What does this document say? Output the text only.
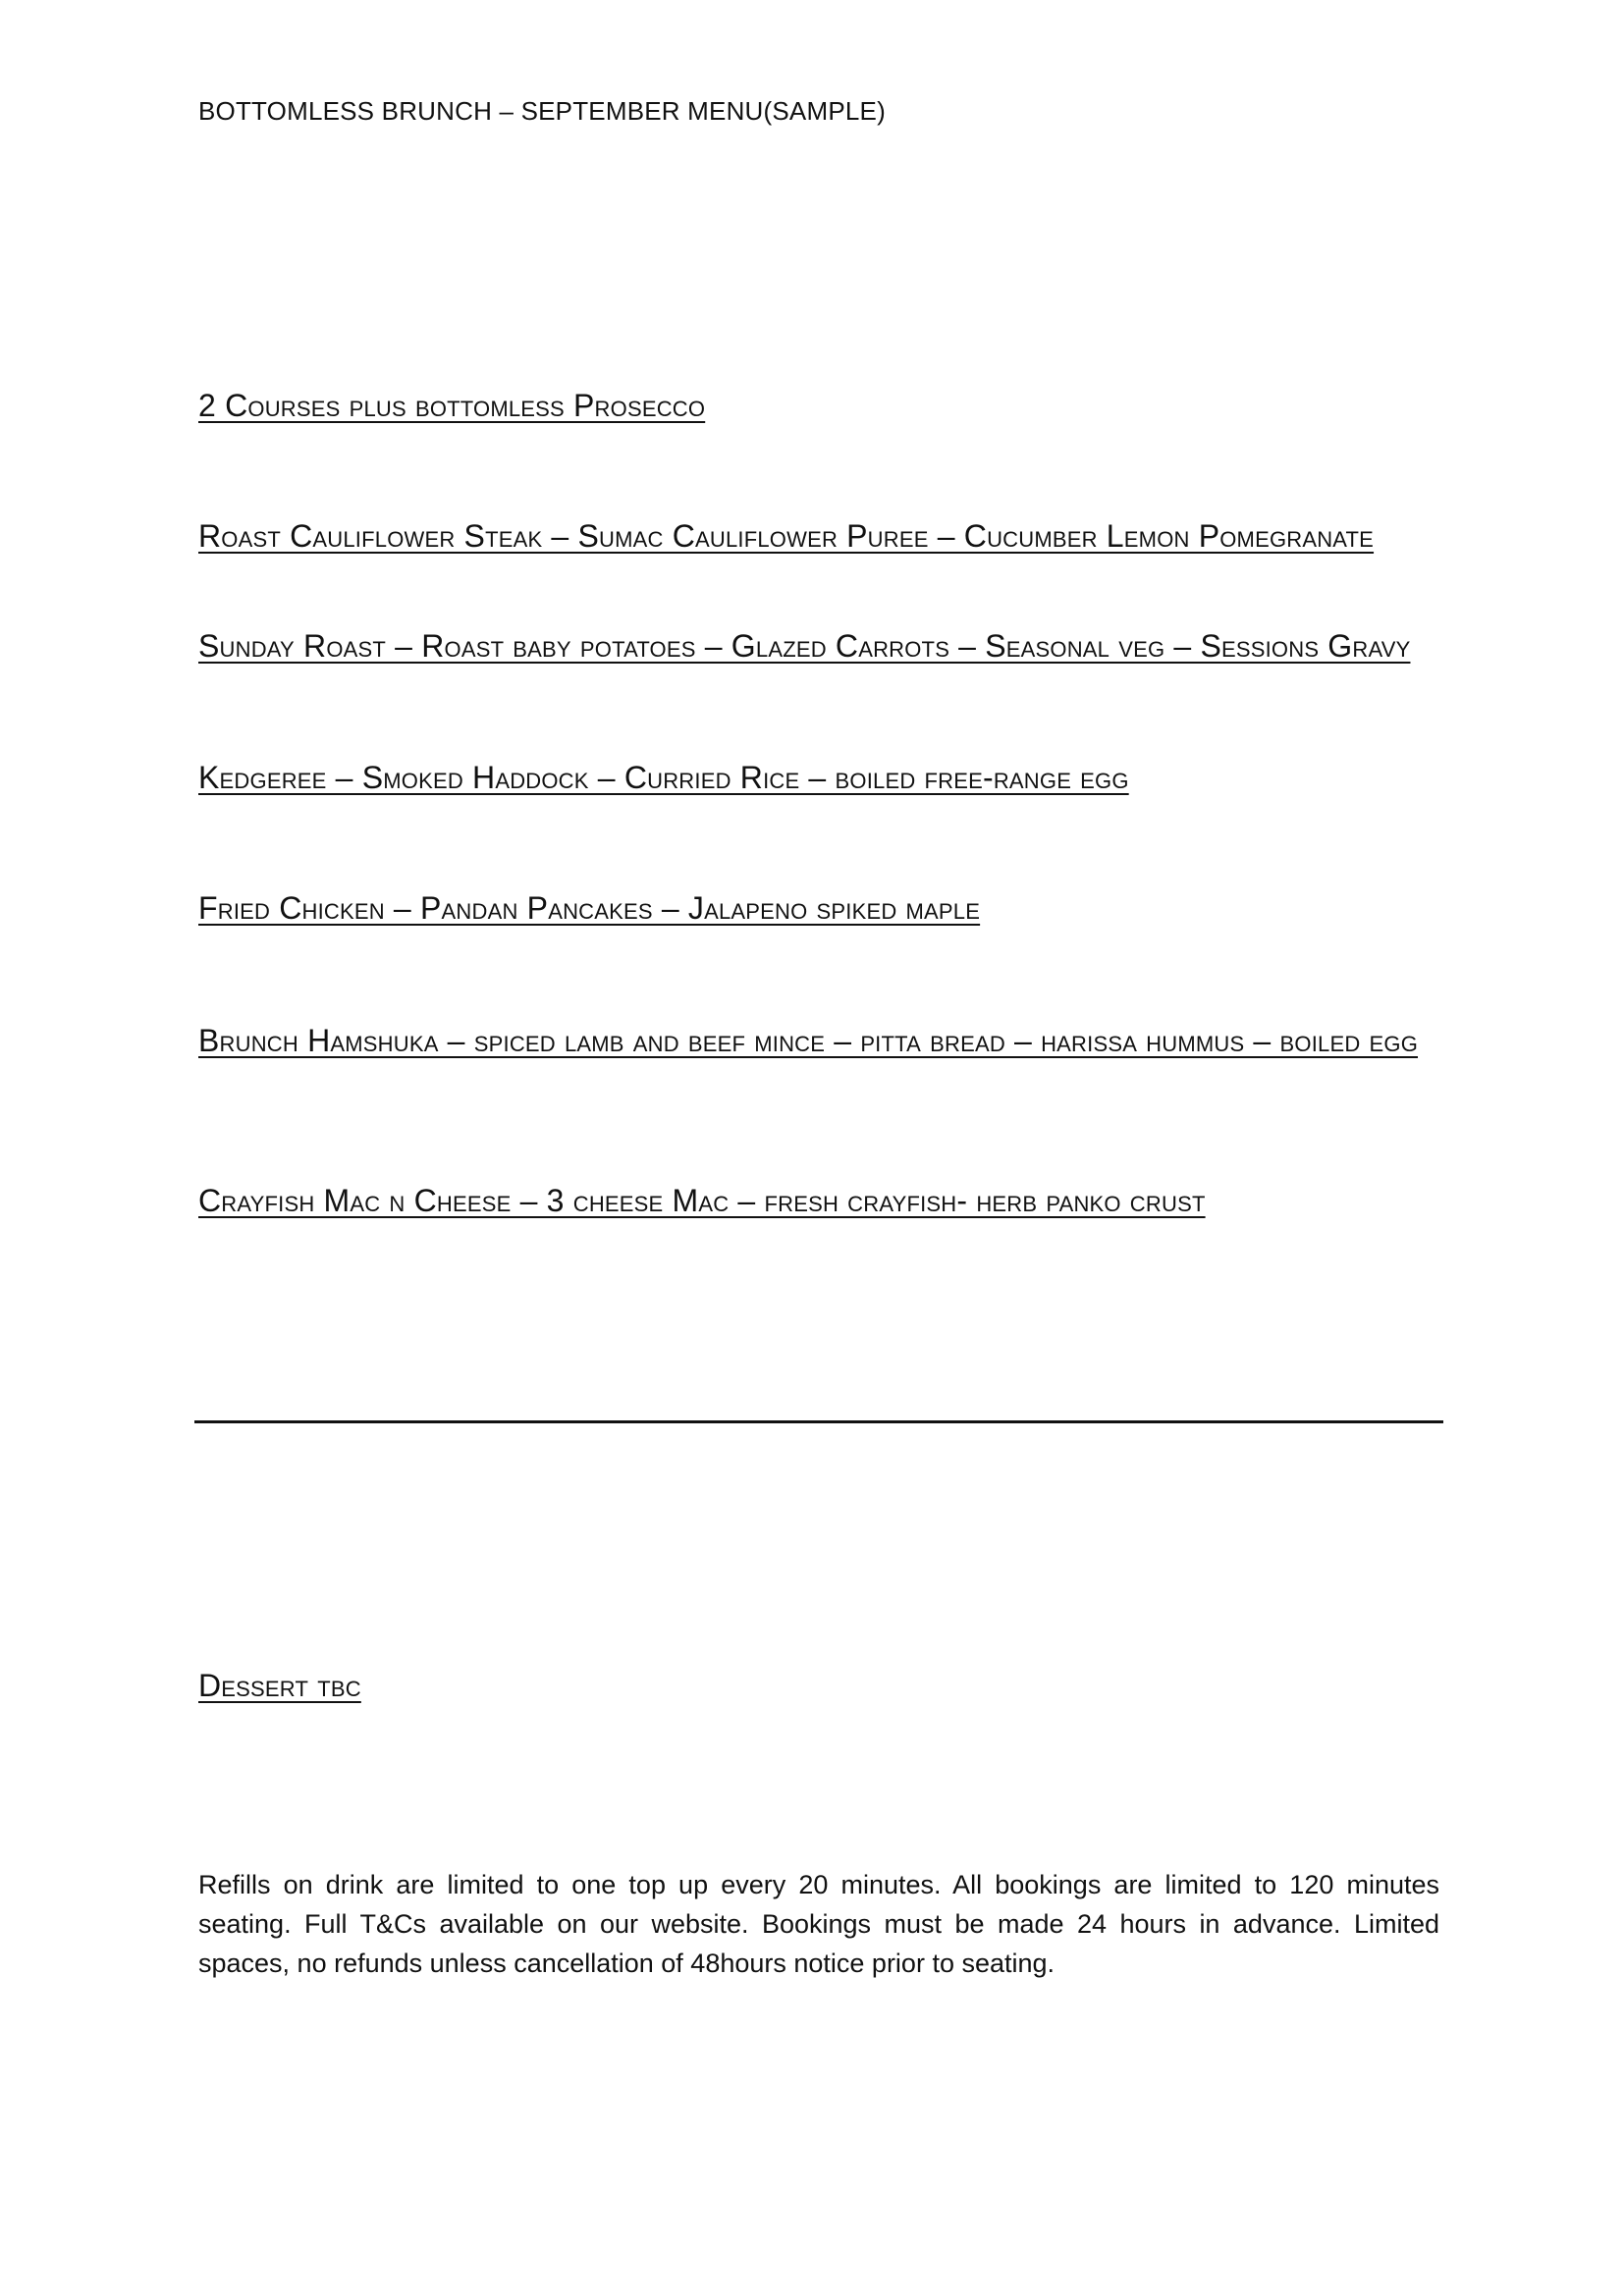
BOTTOMLESS BRUNCH – SEPTEMBER MENU(SAMPLE)
2 Courses plus bottomless Prosecco
Roast Cauliflower Steak – Sumac Cauliflower Puree – Cucumber Lemon Pomegranate
Sunday Roast – Roast baby potatoes – Glazed Carrots – Seasonal veg – Sessions Gravy
Kedgeree – Smoked Haddock – Curried Rice – boiled free-range egg
Fried Chicken – Pandan Pancakes – Jalapeno spiked maple
Brunch Hamshuka – spiced lamb and beef mince – pitta bread – harissa hummus – boiled egg
Crayfish Mac n Cheese – 3 cheese Mac – fresh crayfish- herb panko crust
Dessert tbc
Refills on drink are limited to one top up every 20 minutes. All bookings are limited to 120 minutes seating. Full T&Cs available on our website. Bookings must be made 24 hours in advance. Limited spaces, no refunds unless cancellation of 48hours notice prior to seating.
